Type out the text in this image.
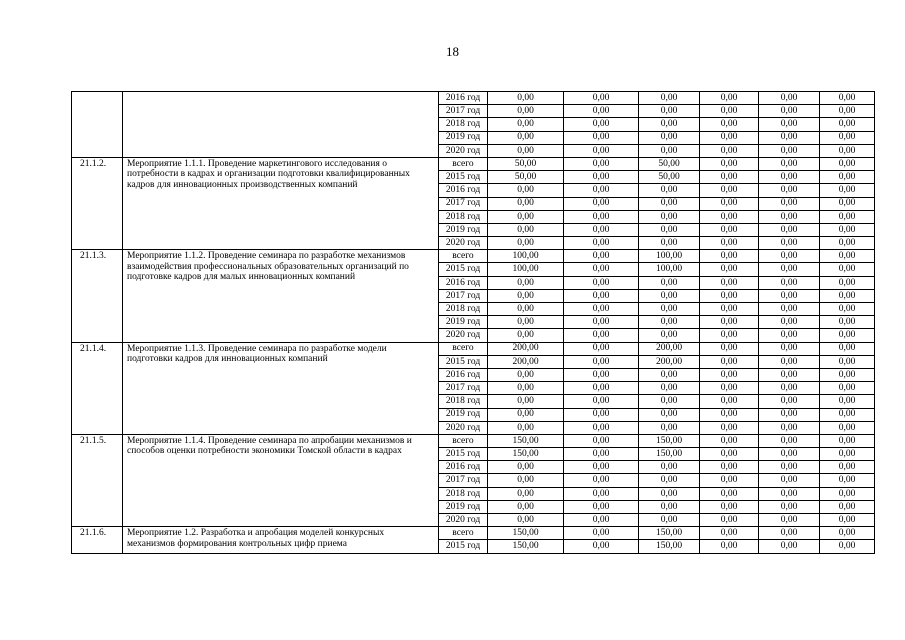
18
		2016 год	0,00	0,00	0,00	0,00	0,00	0,00
		2017 год	0,00	0,00	0,00	0,00	0,00	0,00
		2018 год	0,00	0,00	0,00	0,00	0,00	0,00
		2019 год	0,00	0,00	0,00	0,00	0,00	0,00
		2020 год	0,00	0,00	0,00	0,00	0,00	0,00
21.1.2.	Мероприятие 1.1.1. Проведение маркетингового исследования о потребности в кадрах и организации подготовки квалифицированных кадров для инновационных производственных компаний	всего	50,00	0,00	50,00	0,00	0,00	0,00
		2015 год	50,00	0,00	50,00	0,00	0,00	0,00
		2016 год	0,00	0,00	0,00	0,00	0,00	0,00
		2017 год	0,00	0,00	0,00	0,00	0,00	0,00
		2018 год	0,00	0,00	0,00	0,00	0,00	0,00
		2019 год	0,00	0,00	0,00	0,00	0,00	0,00
		2020 год	0,00	0,00	0,00	0,00	0,00	0,00
21.1.3.	Мероприятие 1.1.2. Проведение семинара по разработке механизмов взаимодействия профессиональных образовательных организаций по подготовке кадров для малых инновационных компаний	всего	100,00	0,00	100,00	0,00	0,00	0,00
		2015 год	100,00	0,00	100,00	0,00	0,00	0,00
		2016 год	0,00	0,00	0,00	0,00	0,00	0,00
		2017 год	0,00	0,00	0,00	0,00	0,00	0,00
		2018 год	0,00	0,00	0,00	0,00	0,00	0,00
		2019 год	0,00	0,00	0,00	0,00	0,00	0,00
		2020 год	0,00	0,00	0,00	0,00	0,00	0,00
21.1.4.	Мероприятие 1.1.3. Проведение семинара по разработке модели подготовки кадров для инновационных компаний	всего	200,00	0,00	200,00	0,00	0,00	0,00
		2015 год	200,00	0,00	200,00	0,00	0,00	0,00
		2016 год	0,00	0,00	0,00	0,00	0,00	0,00
		2017 год	0,00	0,00	0,00	0,00	0,00	0,00
		2018 год	0,00	0,00	0,00	0,00	0,00	0,00
		2019 год	0,00	0,00	0,00	0,00	0,00	0,00
		2020 год	0,00	0,00	0,00	0,00	0,00	0,00
21.1.5.	Мероприятие 1.1.4. Проведение семинара по апробации механизмов и способов оценки потребности экономики Томской области в кадрах	всего	150,00	0,00	150,00	0,00	0,00	0,00
		2015 год	150,00	0,00	150,00	0,00	0,00	0,00
		2016 год	0,00	0,00	0,00	0,00	0,00	0,00
		2017 год	0,00	0,00	0,00	0,00	0,00	0,00
		2018 год	0,00	0,00	0,00	0,00	0,00	0,00
		2019 год	0,00	0,00	0,00	0,00	0,00	0,00
		2020 год	0,00	0,00	0,00	0,00	0,00	0,00
21.1.6.	Мероприятие 1.2. Разработка и апробация моделей конкурсных механизмов формирования контрольных цифр приема	всего	150,00	0,00	150,00	0,00	0,00	0,00
		2015 год	150,00	0,00	150,00	0,00	0,00	0,00
